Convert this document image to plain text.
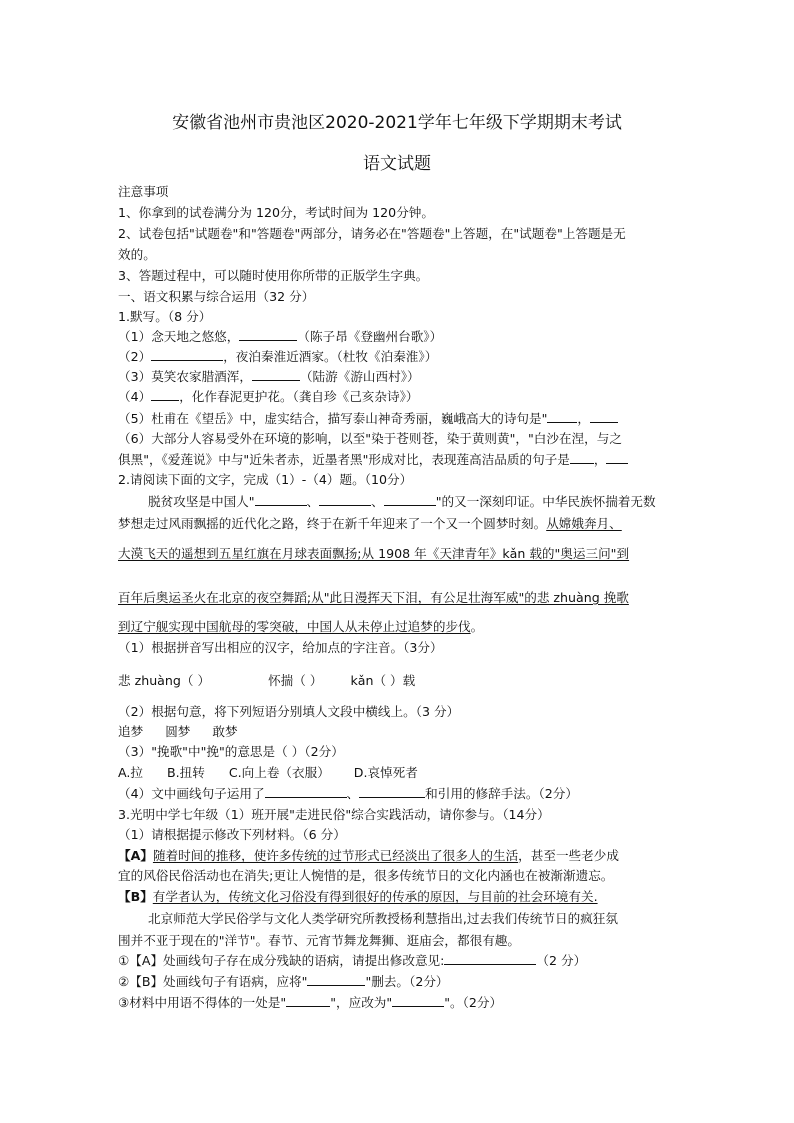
安徽省池州市贵池区2020-2021学年七年级下学期期末考试
语文试题
注意事项
1、你拿到的试卷满分为 120分，考试时间为 120分钟。
2、试卷包括"试题卷"和"答题卷"两部分，请务必在"答题卷"上答题，在"试题卷"上答题是无
效的。
3、答题过程中，可以随时使用你所带的正版学生字典。
一、语文积累与综合运用（32 分）
1.默写。（8 分）
（1）念天地之悠悠，	（陈子昂《登幽州台歌》）
（2）	，夜泊秦淮近酒家。（杜牧《泊秦淮》）
（3）莫笑农家腊酒浑，	（陆游《游山西村》）
（4） ，化作春泥更护花。（龚自珍《己亥杂诗》）
（5）杜甫在《望岳》中，虚实结合，描写泰山神奇秀丽，巍峨高大的诗句是" ，
（6）大部分人容易受外在环境的影响，以至"染于苍则苍，染于黄则黄"，"白沙在涅，与之
俱黑"，《爱莲说》中与"近朱者赤，近墨者黑"形成对比，表现莲高洁品质的句子是 ，
2.请阅读下面的文字，完成（1）-（4）题。（10分）
脱贫攻坚是中国人"	、	、	"的又一深刻印证。中华民族怀揣着无数
梦想走过风雨飘摇的近代化之路，终于在新千年迎来了一个又一个圆梦时刻。从嫦娥奔月、
大漠飞天的遥想到五星红旗在月球表面飘扬;从 1908 年《天津青年》kǎn 载的"奥运三问"到
百年后奥运圣火在北京的夜空舞蹈;从"此日漫挥天下泪，有公足壮海军威"的悲 zhuàng 挽歌
到辽宁舰实现中国航母的零突破，中国人从未停止过追梦的步伐。
（1）根据拼音写出相应的汉字，给加点的字注音。（3分）
悲 zhuàng（ ）	怀揣（ ） kǎn（ ）载
（2）根据句意，将下列短语分别填人文段中横线上。（3 分）
追梦 圆梦 敢梦
（3）"挽歌"中"挽"的意思是（ ）（2分）
A.拉 B.扭转 C.向上卷（衣服） D.哀悼死者
（4）文中画线句子运用了	、	和引用的修辞手法。（2分）
3.光明中学七年级（1）班开展"走进民俗"综合实践活动，请你参与。（14分）
（1）请根据提示修改下列材料。（6 分）
【A】随着时间的推移，使许多传统的过节形式已经淡出了很多人的生活，甚至一些老少成
宜的风俗民俗活动也在消失;更让人惋惜的是，很多传统节日的文化内涵也在被渐渐遗忘。
【B】有学者认为，传统文化习俗没有得到很好的传承的原因，与目前的社会环境有关.
北京师范大学民俗学与文化人类学研究所教授杨利慧指出,过去我们传统节日的疯狂氛
围并不亚于现在的"洋节"。春节、元宵节舞龙舞狮、逛庙会，都很有趣。
①【A】处画线句子存在成分残缺的语病，请提出修改意见:	（2 分）
②【B】处画线句子有语病，应将"	"删去。（2分）
③材料中用语不得体的一处是"	"，应改为"	"。（2分）
